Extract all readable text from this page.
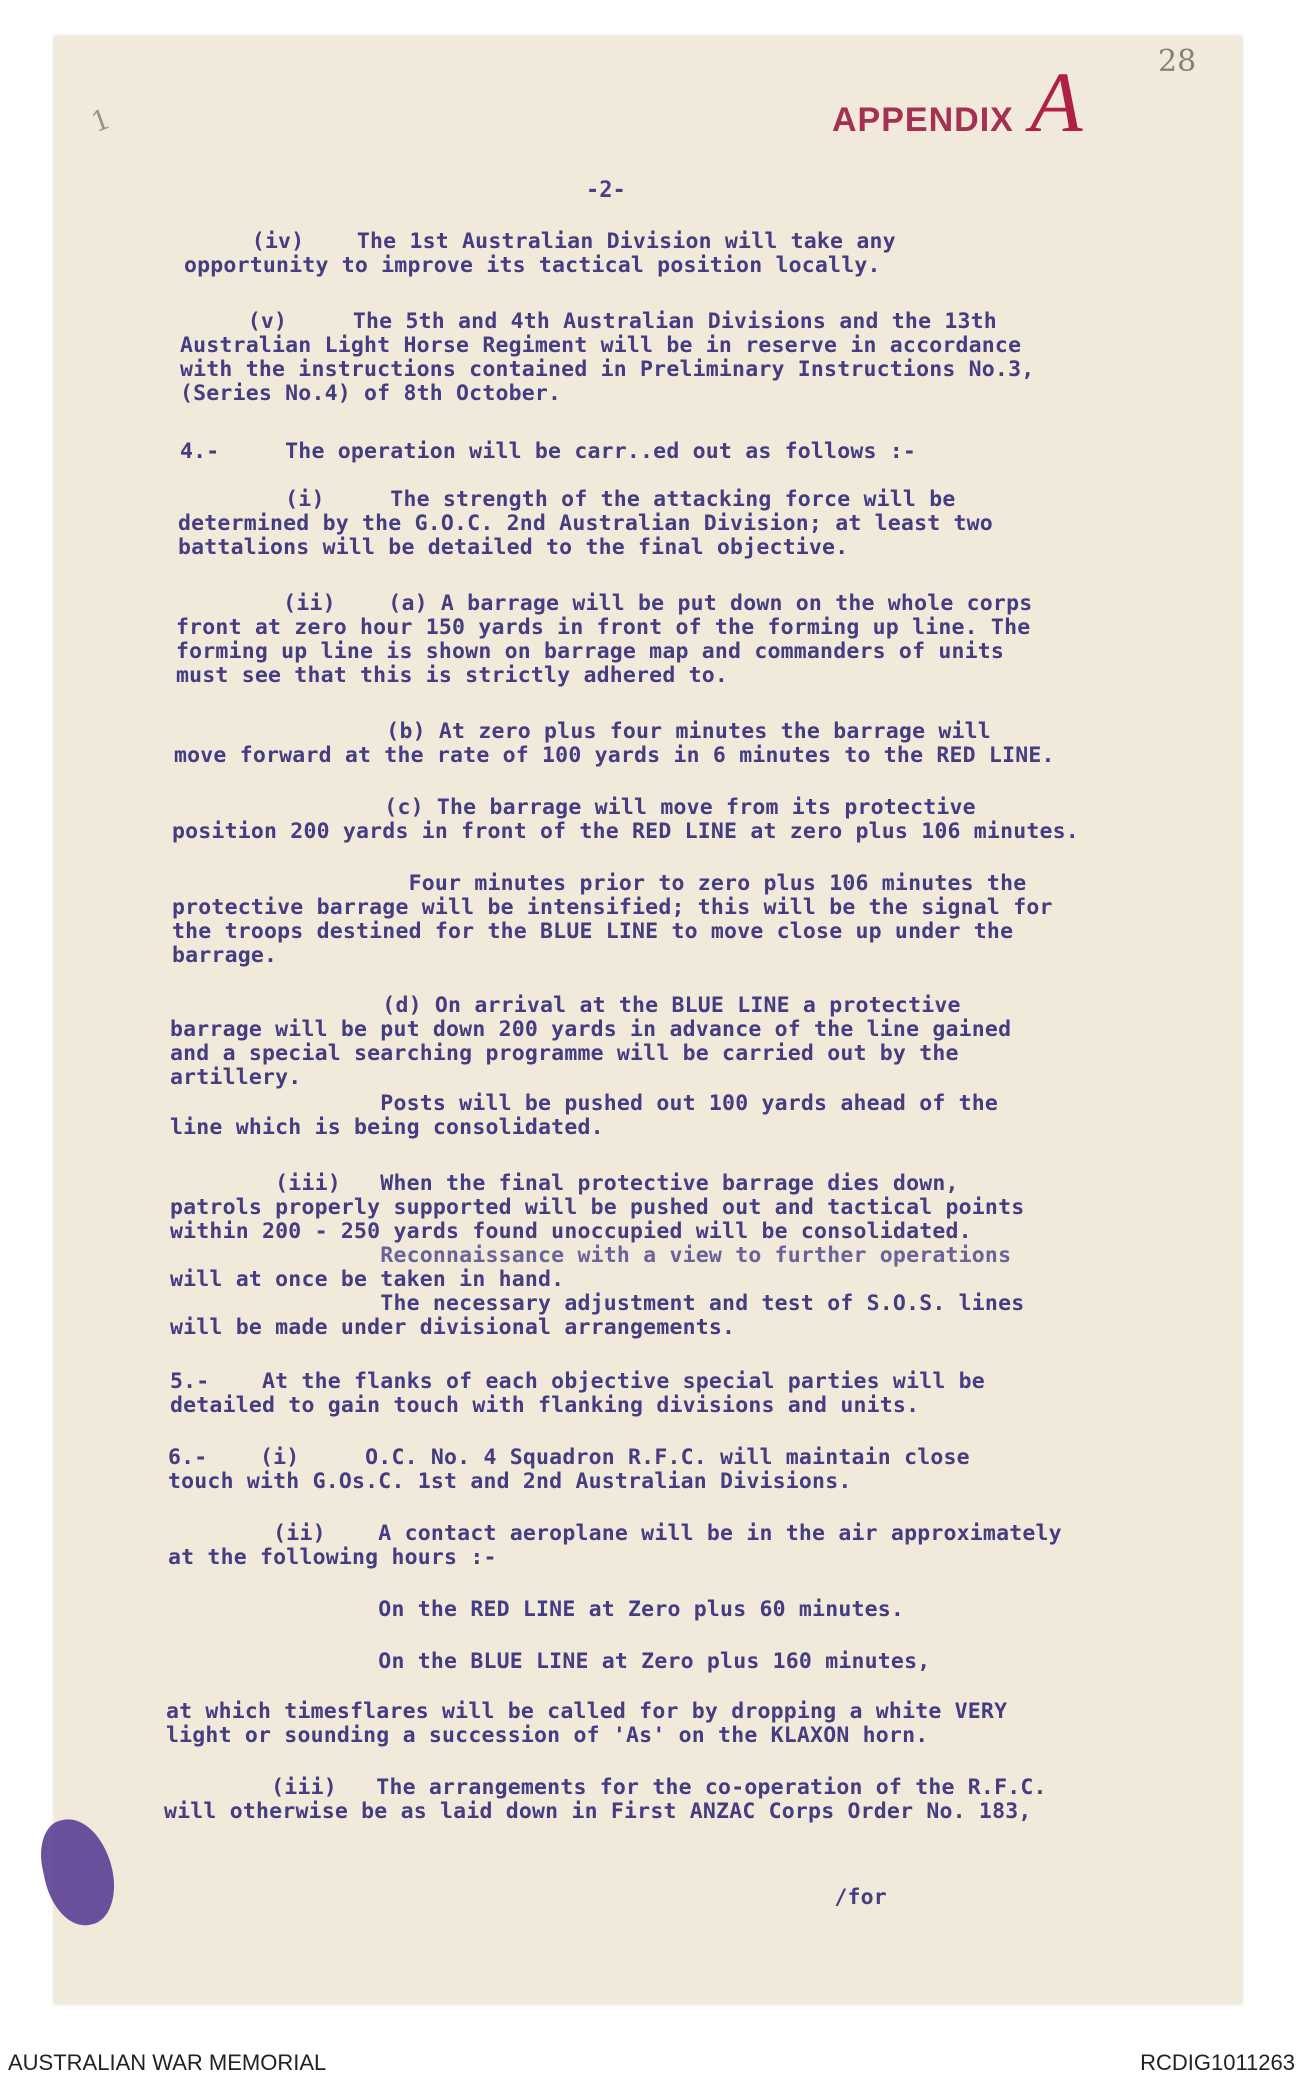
28
1	APPENDIX A
-2-
(iv)    The 1st Australian Division will take any
opportunity to improve its tactical position locally.
(v)     The 5th and 4th Australian Divisions and the 13th
Australian Light Horse Regiment will be in reserve in accordance
with the instructions contained in Preliminary Instructions No.3,
(Series No.4) of 8th October.
4.-     The operation will be carr..ed out as follows :-
(i)     The strength of the attacking force will be
determined by the G.O.C. 2nd Australian Division; at least two
battalions will be detailed to the final objective.
(ii)    (a) A barrage will be put down on the whole corps
front at zero hour 150 yards in front of the forming up line. The
forming up line is shown on barrage map and commanders of units
must see that this is strictly adhered to.
(b) At zero plus four minutes the barrage will
move forward at the rate of 100 yards in 6 minutes to the RED LINE.
(c) The barrage will move from its protective
position 200 yards in front of the RED LINE at zero plus 106 minutes.
Four minutes prior to zero plus 106 minutes the
protective barrage will be intensified; this will be the signal for
the troops destined for the BLUE LINE to move close up under the
barrage.
(d) On arrival at the BLUE LINE a protective
barrage will be put down 200 yards in advance of the line gained
and a special searching programme will be carried out by the
artillery.
Posts will be pushed out 100 yards ahead of the
line which is being consolidated.
(iii)   When the final protective barrage dies down,
patrols properly supported will be pushed out and tactical points
within 200 - 250 yards found unoccupied will be consolidated.
Reconnaissance with a view to further operations
will at once be taken in hand.
The necessary adjustment and test of S.O.S. lines
will be made under divisional arrangements.
5.-    At the flanks of each objective special parties will be
detailed to gain touch with flanking divisions and units.
6.-    (i)     O.C. No. 4 Squadron R.F.C. will maintain close
touch with G.Os.C. 1st and 2nd Australian Divisions.
(ii)    A contact aeroplane will be in the air approximately
at the following hours :-
On the RED LINE at Zero plus 60 minutes.
On the BLUE LINE at Zero plus 160 minutes,
at which timesflares will be called for by dropping a white VERY
light or sounding a succession of 'As' on the KLAXON horn.
(iii)   The arrangements for the co-operation of the R.F.C.
will otherwise be as laid down in First ANZAC Corps Order No. 183,
/for
AUSTRALIAN WAR MEMORIAL	RCDIG1011263
